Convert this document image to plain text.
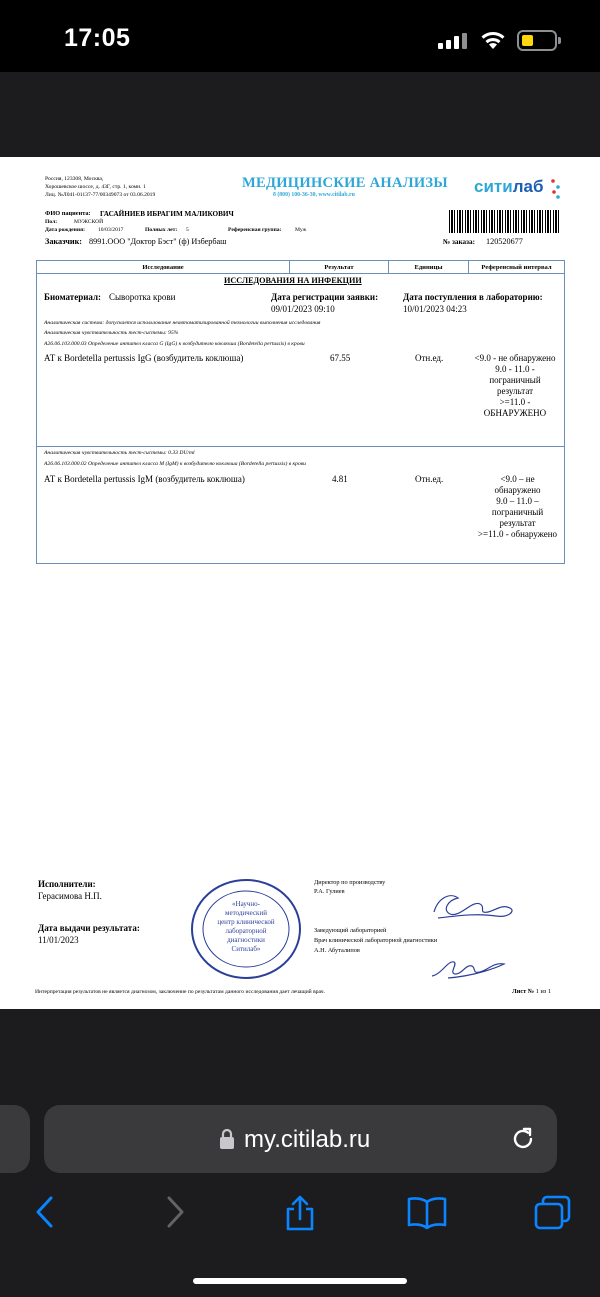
17:05
Россия, 123308, Москва,
Хорошевское шоссе, д. 43Г, стр. 1, комн. 1
Лиц. №Л041-01137-77/00349073 от 03.06.2019
МЕДИЦИНСКИЕ АНАЛИЗЫ
8 (800) 100-36-30, www.citilab.ru	ситилаб
ФИО пациента: ГАСАЙНИЕВ ИБРАГИМ МАЛИКОВИЧ
Пол:	МУЖСКОЙ
Дата рождения: 10/03/2017	Полных лет: 5	Референсная группа: Муж
Заказчик: 8991.ООО "Доктор Бэст" (ф) Избербаш	№ заказа: 120520677
Исследование	Результат	Единицы	Референсный интервал
ИССЛЕДОВАНИЯ НА ИНФЕКЦИИ
Биоматериал: Сыворотка крови	Дата регистрации заявки:
09/01/2023 09:10
Дата поступления в лабораторию:
10/01/2023 04:23
Аналитическая система: допускается использование неавтоматизированной технологии выполнения исследования
Аналитическая чувствительность тест-системы: 95%
A26.06.103.000.03 Определение антител класса G (IgG) к возбудителю коклюша (Bordetella pertussis) в крови
АТ к Bordetella pertussis IgG (возбудитель коклюша)	67.55	Отн.ед.	<9.0 - не обнаружено
9.0 - 11.0 -
пограничный
результат
>=11.0 -
ОБНАРУЖЕНО
Аналитическая чувствительность тест-системы: 0.33 DU/ml
A26.06.103.000.02 Определение антител класса M (IgM) к возбудителю коклюша (Bordetella pertussis) в крови
АТ к Bordetella pertussis IgM (возбудитель коклюша)	4.81	Отн.ед.	<9.0 – не
обнаружено
9.0 – 11.0 –
пограничный
результат
>=11.0 - обнаружено
Исполнители:
Герасимова Н.П.
Дата выдачи результата:
11/01/2023
«Научно-
методический
центр клинической
лабораторной
диагностики
Ситилаб»
Директор по производству
Р.А. Гулиев
Заведующий лабораторией
Врач клинической лабораторной диагностики
А.Н. Абуталипов
Интерпретация результатов не является диагнозом, заключение по результатам данного исследования дает лечащий врач.	Лист № 1 из 1
my.citilab.ru
